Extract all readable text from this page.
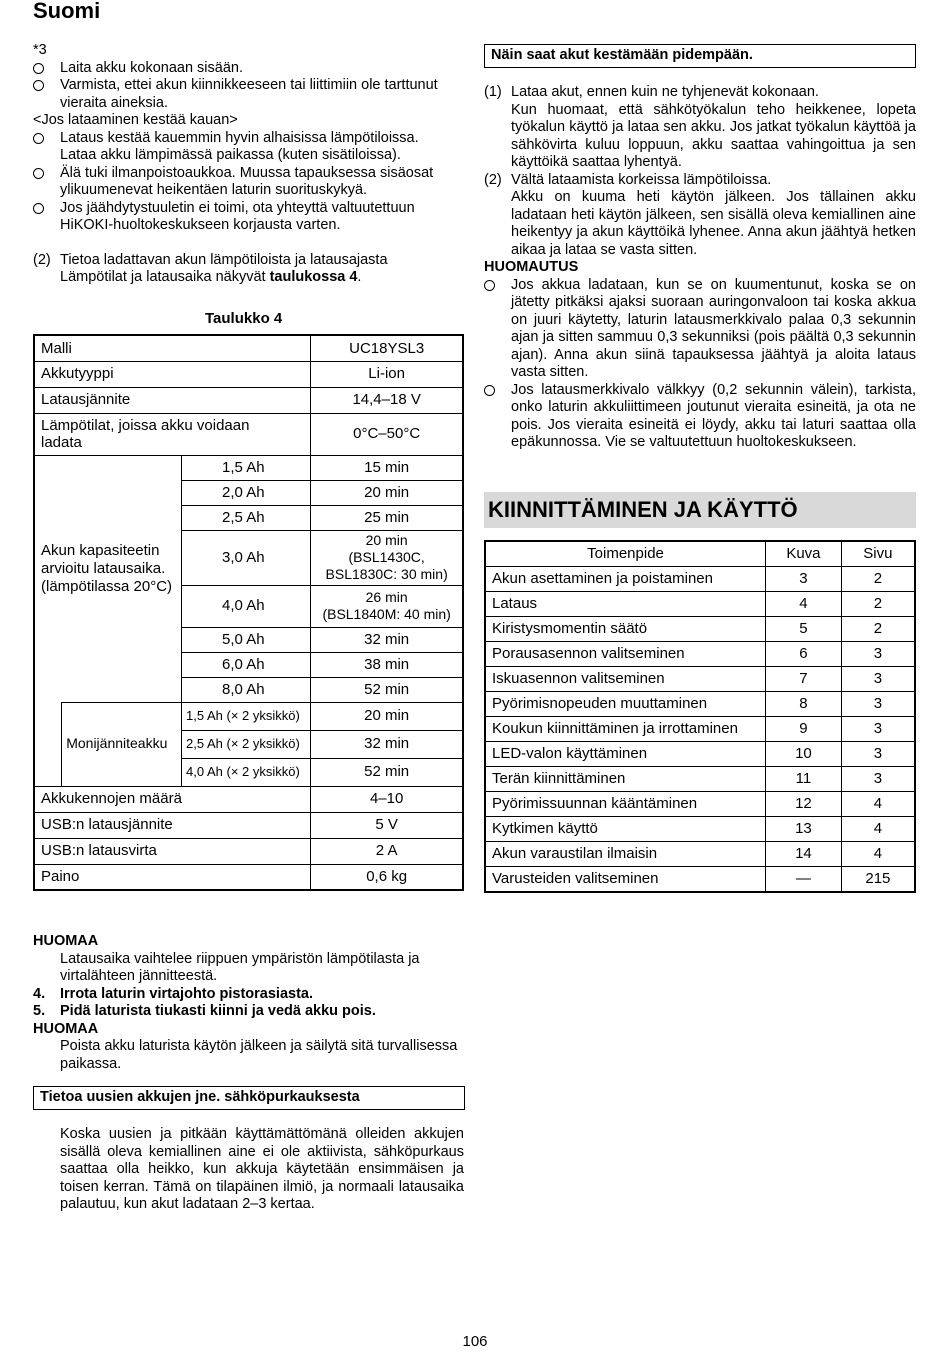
Suomi
*3
Laita akku kokonaan sisään.
Varmista, ettei akun kiinnikkeeseen tai liittimiin ole tarttunut vieraita aineksia.
<Jos lataaminen kestää kauan>
Lataus kestää kauemmin hyvin alhaisissa lämpötiloissa.
Lataa akku lämpimässä paikassa (kuten sisätiloissa).
Älä tuki ilmanpoistoaukkoa. Muussa tapauksessa sisäosat ylikuumenevat heikentäen laturin suorituskykyä.
Jos jäähdytystuuletin ei toimi, ota yhteyttä valtuutettuun HiKOKI-huoltokeskukseen korjausta varten.
(2) Tietoa ladattavan akun lämpötiloista ja latausajasta
Lämpötilat ja latausaika näkyvät taulukossa 4.
Taulukko 4
Malli			UC18YSL3
Akkutyyppi			Li-ion
Latausjännite			14,4–18 V
Lämpötilat, joissa akku voidaan ladata			0°C–50°C
Akun kapasiteetin arvioitu latausaika. (lämpötilassa 20°C)		1,5 Ah	15 min
		2,0 Ah	20 min
		2,5 Ah	25 min
		3,0 Ah	20 min
(BSL1430C,
BSL1830C: 30 min)

		4,0 Ah	26 min
(BSL1840M: 40 min)

		5,0 Ah	32 min
		6,0 Ah	38 min
		8,0 Ah	52 min
	Monijänniteakku	1,5 Ah (× 2 yksikkö)	20 min
		2,5 Ah (× 2 yksikkö)	32 min
		4,0 Ah (× 2 yksikkö)	52 min
Akkukennojen määrä			4–10
USB:n latausjännite			5 V
USB:n latausvirta			2 A
Paino			0,6 kg
HUOMAA
Latausaika vaihtelee riippuen ympäristön lämpötilasta ja virtalähteen jännitteestä.
4. Irrota laturin virtajohto pistorasiasta.
5. Pidä laturista tiukasti kiinni ja vedä akku pois.
HUOMAA
Poista akku laturista käytön jälkeen ja säilytä sitä turvallisessa paikassa.
Tietoa uusien akkujen jne. sähköpurkauksesta
Koska uusien ja pitkään käyttämättömänä olleiden akkujen sisällä oleva kemiallinen aine ei ole aktiivista, sähköpurkaus saattaa olla heikko, kun akkuja käytetään ensimmäisen ja toisen kerran. Tämä on tilapäinen ilmiö, ja normaali latausaika palautuu, kun akut ladataan 2–3 kertaa.
Näin saat akut kestämään pidempään.
(1) Lataa akut, ennen kuin ne tyhjenevät kokonaan.
Kun huomaat, että sähkötyökalun teho heikkenee, lopeta työkalun käyttö ja lataa sen akku. Jos jatkat työkalun käyttöä ja sähkövirta kuluu loppuun, akku saattaa vahingoittua ja sen käyttöikä saattaa lyhentyä.
(2) Vältä lataamista korkeissa lämpötiloissa.
Akku on kuuma heti käytön jälkeen. Jos tällainen akku ladataan heti käytön jälkeen, sen sisällä oleva kemiallinen aine heikentyy ja akun käyttöikä lyhenee. Anna akun jäähtyä hetken aikaa ja lataa se vasta sitten.
HUOMAUTUS
Jos akkua ladataan, kun se on kuumentunut, koska se on jätetty pitkäksi ajaksi suoraan auringonvaloon tai koska akkua on juuri käytetty, laturin latausmerkkivalo palaa 0,3 sekunnin ajan ja sitten sammuu 0,3 sekunniksi (pois päältä 0,3 sekunnin ajan). Anna akun siinä tapauksessa jäähtyä ja aloita lataus vasta sitten.
Jos latausmerkkivalo välkkyy (0,2 sekunnin välein), tarkista, onko laturin akkuliittimeen joutunut vieraita esineitä, ja ota ne pois. Jos vieraita esineitä ei löydy, akku tai laturi saattaa olla epäkunnossa. Vie se valtuutettuun huoltokeskukseen.
KIINNITTÄMINEN JA KÄYTTÖ
Toimenpide	Kuva	Sivu
Akun asettaminen ja poistaminen	3	2
Lataus	4	2
Kiristysmomentin säätö	5	2
Porausasennon valitseminen	6	3
Iskuasennon valitseminen	7	3
Pyörimisnopeuden muuttaminen	8	3
Koukun kiinnittäminen ja irrottaminen	9	3
LED-valon käyttäminen	10	3
Terän kiinnittäminen	11	3
Pyörimissuunnan kääntäminen	12	4
Kytkimen käyttö	13	4
Akun varaustilan ilmaisin	14	4
Varusteiden valitseminen	—	215
106
